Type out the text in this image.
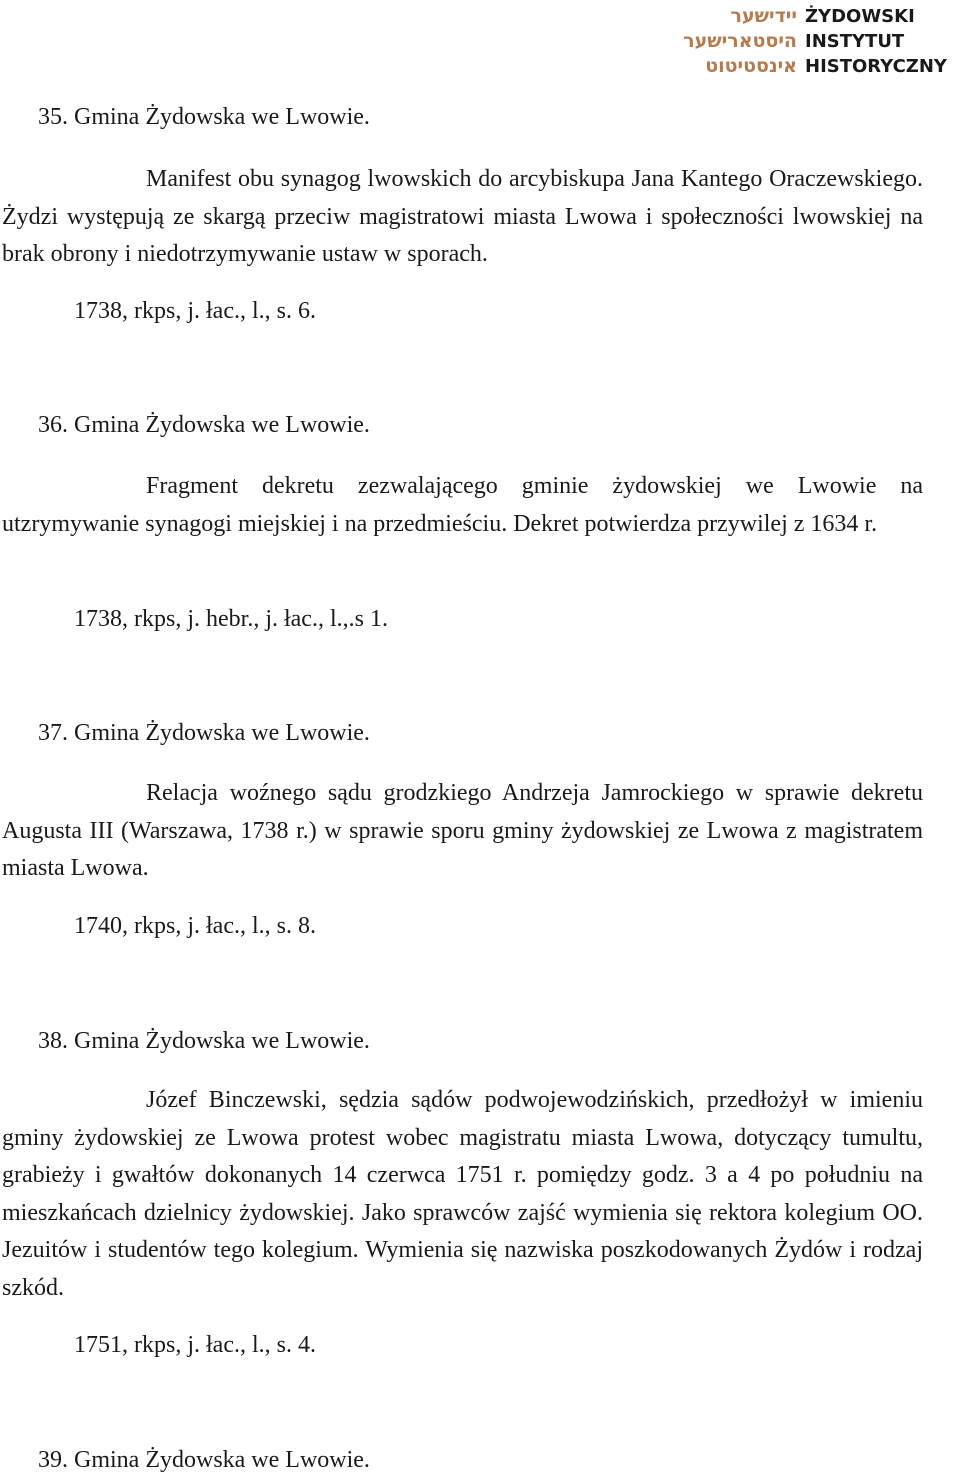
יידישער
היסטארישער
אינסטיטוט
ŻYDOWSKI
INSTYTUT
HISTORYCZNY
35. Gmina Żydowska we Lwowie.

Manifest obu synagog lwowskich do arcybiskupa Jana Kantego Oraczewskiego. Żydzi występują ze skargą przeciw magistratowi miasta Lwowa i społeczności lwowskiej na brak obrony i niedotrzymywanie ustaw w sporach.

1738, rkps, j. łac., l., s. 6.
36. Gmina Żydowska we Lwowie.

Fragment dekretu zezwalającego gminie żydowskiej we Lwowie na utzrymywanie synagogi miejskiej i na przedmieściu. Dekret potwierdza przywilej z 1634 r.

1738, rkps, j. hebr., j. łac., l.,.s 1.
37. Gmina Żydowska we Lwowie.

Relacja woźnego sądu grodzkiego Andrzeja Jamrockiego w sprawie dekretu Augusta III (Warszawa, 1738 r.) w sprawie sporu gminy żydowskiej ze Lwowa z magistratem miasta Lwowa.

1740, rkps, j. łac., l., s. 8.
38. Gmina Żydowska we Lwowie.

Józef Binczewski, sędzia sądów podwojewodzińskich, przedłożył w imieniu gminy żydowskiej ze Lwowa protest wobec magistratu miasta Lwowa, dotyczący tumultu, grabieży i gwałtów dokonanych 14 czerwca 1751 r. pomiędzy godz. 3 a 4 po południu na mieszkańcach dzielnicy żydowskiej. Jako sprawców zajść wymienia się rektora kolegium OO. Jezuitów i studentów tego kolegium. Wymienia się nazwiska poszkodowanych Żydów i rodzaj szkód.

1751, rkps, j. łac., l., s. 4.
39. Gmina Żydowska we Lwowie.
